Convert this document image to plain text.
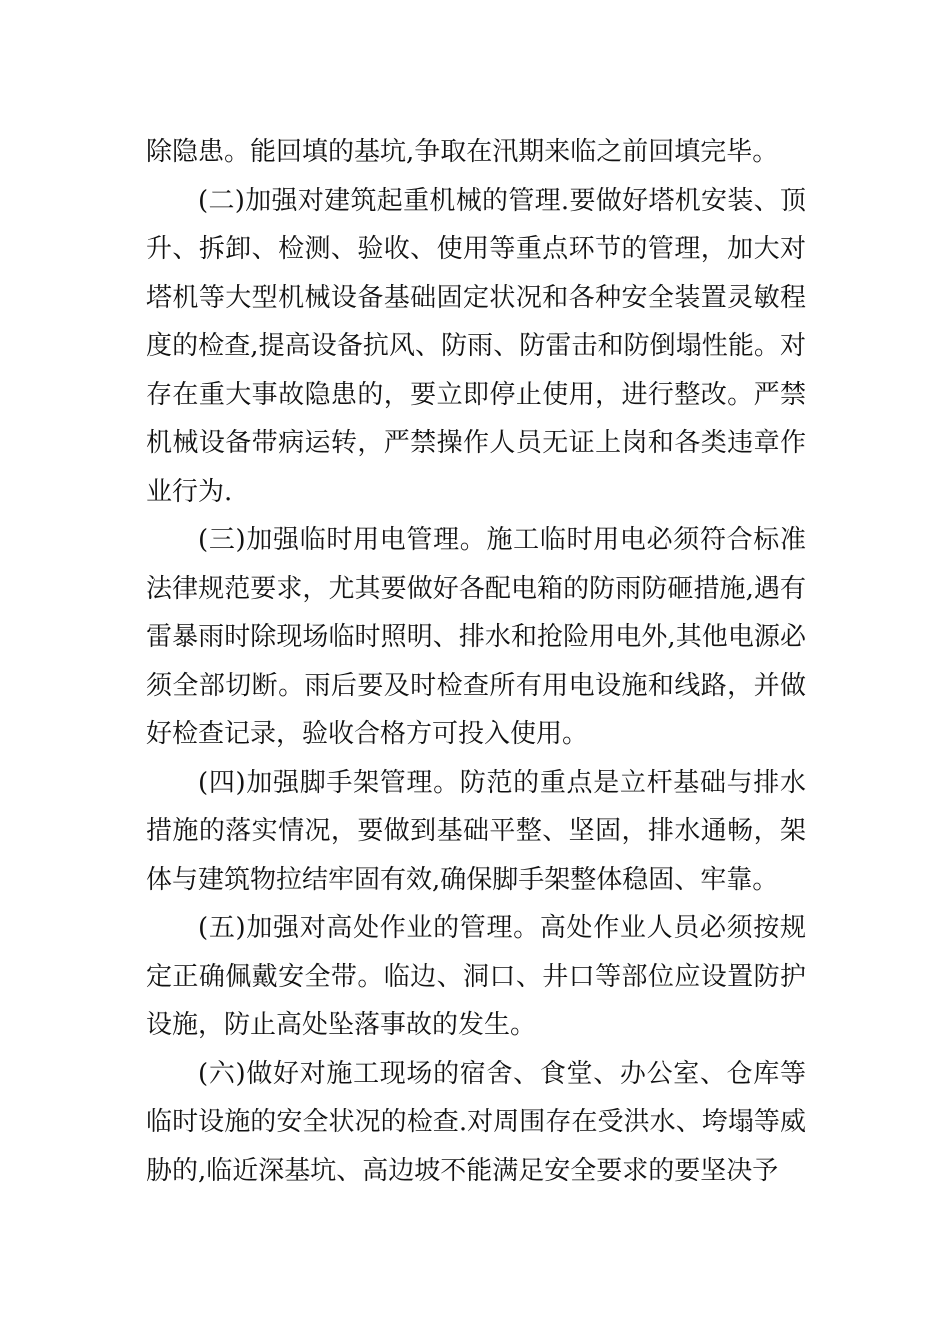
除隐患。能回填的基坑,争取在汛期来临之前回填完毕。

(二)加强对建筑起重机械的管理.要做好塔机安装、顶升、拆卸、检测、验收、使用等重点环节的管理，加大对塔机等大型机械设备基础固定状况和各种安全装置灵敏程度的检查,提高设备抗风、防雨、防雷击和防倒塌性能。对存在重大事故隐患的，要立即停止使用，进行整改。严禁机械设备带病运转，严禁操作人员无证上岗和各类违章作业行为.

(三)加强临时用电管理。施工临时用电必须符合标准法律规范要求，尤其要做好各配电箱的防雨防砸措施,遇有雷暴雨时除现场临时照明、排水和抢险用电外,其他电源必须全部切断。雨后要及时检查所有用电设施和线路，并做好检查记录，验收合格方可投入使用。

(四)加强脚手架管理。防范的重点是立杆基础与排水措施的落实情况，要做到基础平整、坚固，排水通畅，架体与建筑物拉结牢固有效,确保脚手架整体稳固、牢靠。

(五)加强对高处作业的管理。高处作业人员必须按规定正确佩戴安全带。临边、洞口、井口等部位应设置防护设施，防止高处坠落事故的发生。

(六)做好对施工现场的宿舍、食堂、办公室、仓库等临时设施的安全状况的检查.对周围存在受洪水、垮塌等威胁的,临近深基坑、高边坡不能满足安全要求的要坚决予
